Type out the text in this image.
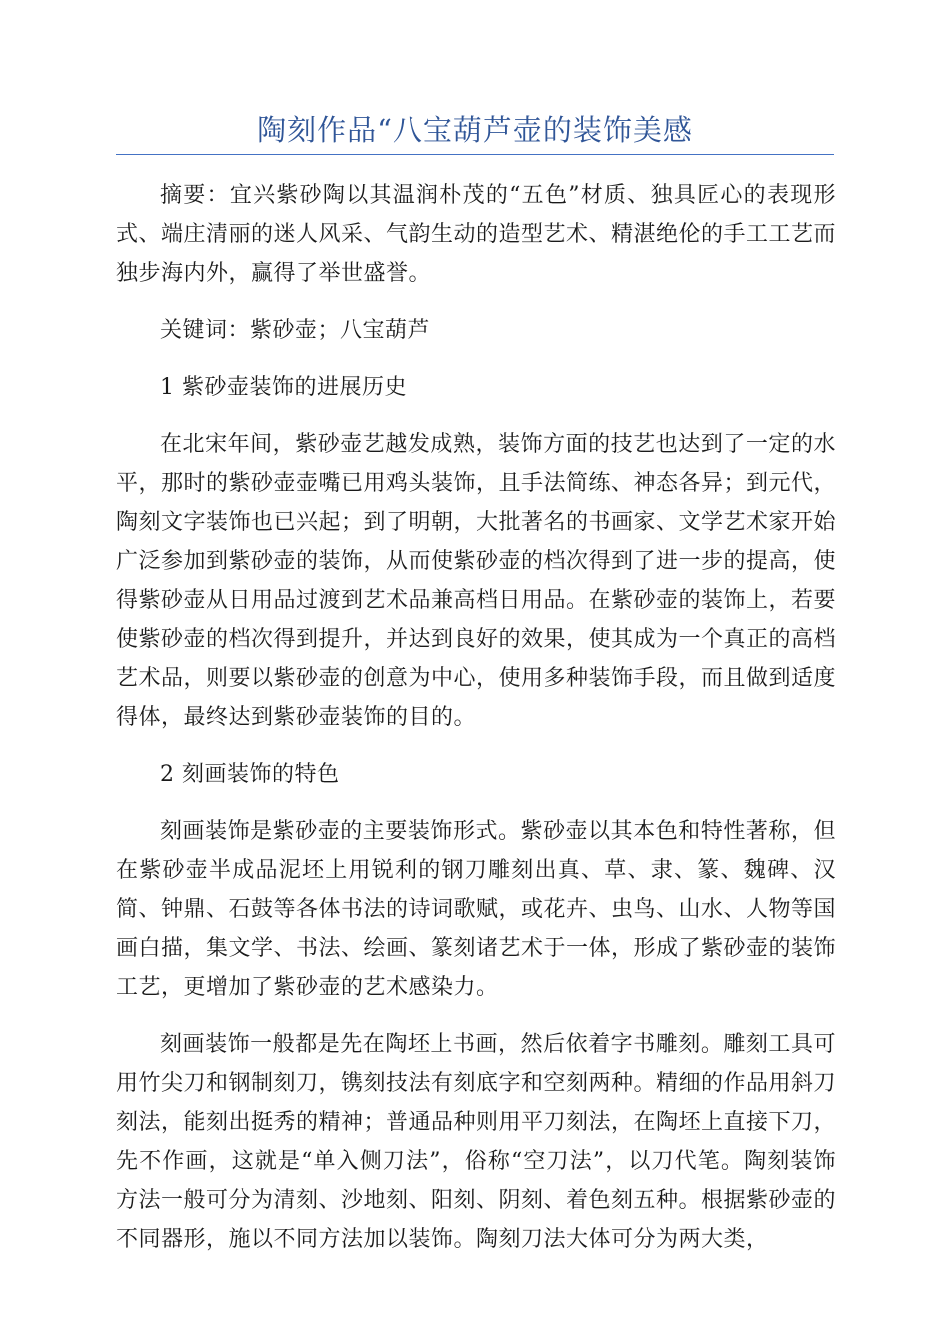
陶刻作品“八宝葫芦壶的装饰美感

摘要：宜兴紫砂陶以其温润朴茂的“五色”材质、独具匠心的表现形式、端庄清丽的迷人风采、气韵生动的造型艺术、精湛绝伦的手工工艺而独步海内外，赢得了举世盛誉。

关键词：紫砂壶；八宝葫芦

1 紫砂壶装饰的进展历史

在北宋年间，紫砂壶艺越发成熟，装饰方面的技艺也达到了一定的水平，那时的紫砂壶壶嘴已用鸡头装饰，且手法简练、神态各异；到元代，陶刻文字装饰也已兴起；到了明朝，大批著名的书画家、文学艺术家开始广泛参加到紫砂壶的装饰，从而使紫砂壶的档次得到了进一步的提高，使得紫砂壶从日用品过渡到艺术品兼高档日用品。在紫砂壶的装饰上，若要使紫砂壶的档次得到提升，并达到良好的效果，使其成为一个真正的高档艺术品，则要以紫砂壶的创意为中心，使用多种装饰手段，而且做到适度得体，最终达到紫砂壶装饰的目的。

2 刻画装饰的特色

刻画装饰是紫砂壶的主要装饰形式。紫砂壶以其本色和特性著称，但在紫砂壶半成品泥坯上用锐利的钢刀雕刻出真、草、隶、篆、魏碑、汉简、钟鼎、石鼓等各体书法的诗词歌赋，或花卉、虫鸟、山水、人物等国画白描，集文学、书法、绘画、篆刻诸艺术于一体，形成了紫砂壶的装饰工艺，更增加了紫砂壶的艺术感染力。

刻画装饰一般都是先在陶坯上书画，然后依着字书雕刻。雕刻工具可用竹尖刀和钢制刻刀，镌刻技法有刻底字和空刻两种。精细的作品用斜刀刻法，能刻出挺秀的精神；普通品种则用平刀刻法，在陶坯上直接下刀，先不作画，这就是“单入侧刀法”，俗称“空刀法”，以刀代笔。陶刻装饰方法一般可分为清刻、沙地刻、阳刻、阴刻、着色刻五种。根据紫砂壶的不同器形，施以不同方法加以装饰。陶刻刀法大体可分为两大类，
